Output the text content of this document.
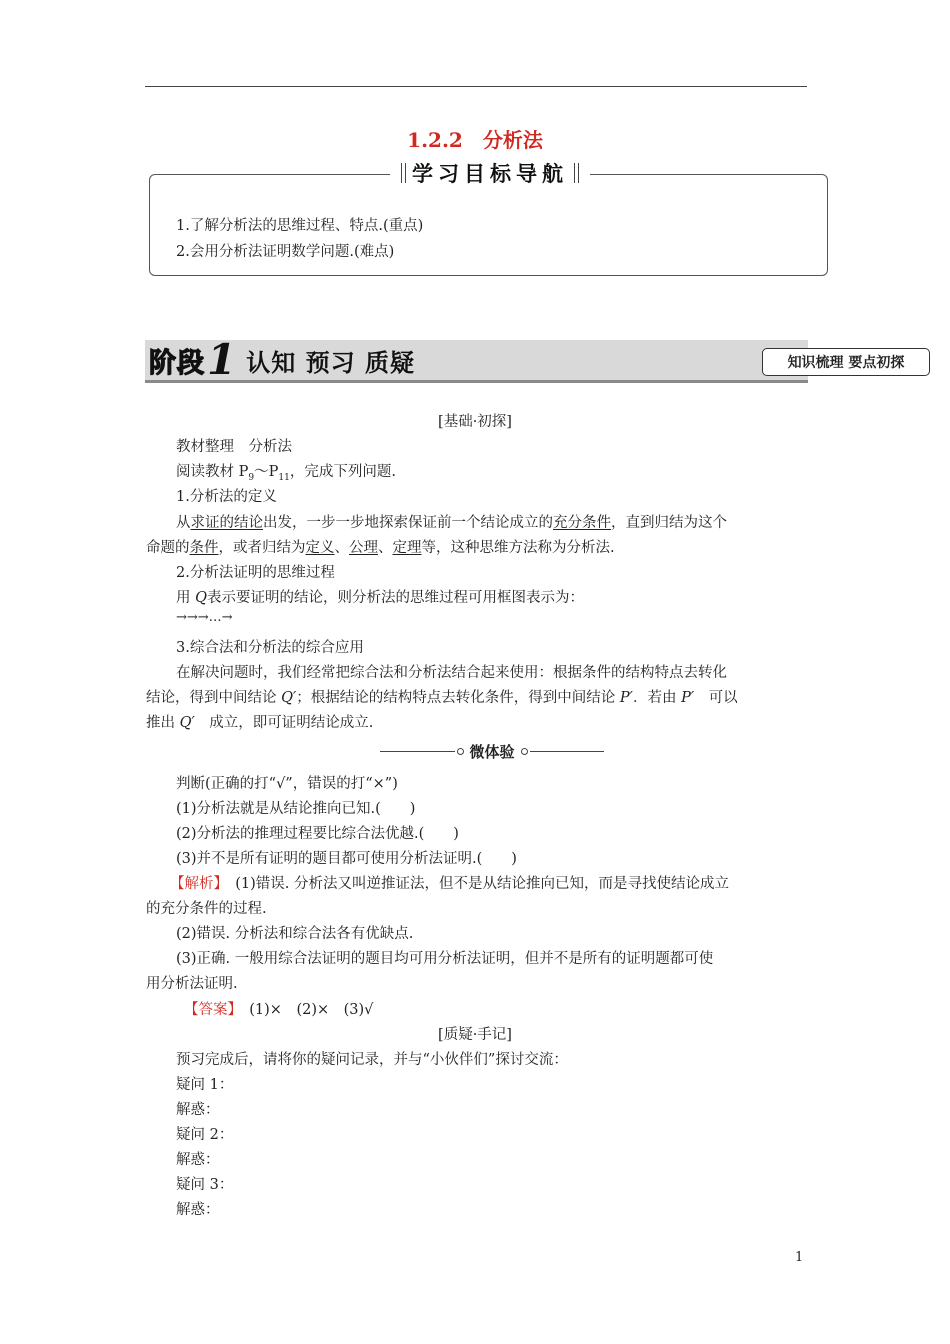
1.2.2　分析法
学习目标导航
1.了解分析法的思维过程、特点.(重点)
2.会用分析法证明数学问题.(难点)
阶段 1 认知 预习 质疑	知识梳理 要点初探
[基础·初探]
教材整理　分析法
阅读教材 $P_9\sim P_{11}$，完成下列问题.
1.分析法的定义
从求证的结论出发，一步一步地探索保证前一个结论成立的充分条件，直到归结为这个
命题的条件，或者归结为定义、公理、定理等，这种思维方法称为分析法.
2.分析法证明的思维过程
用 Q表示要证明的结论，则分析法的思维过程可用框图表示为：
→→→…→
3.综合法和分析法的综合应用
在解决问题时，我们经常把综合法和分析法结合起来使用：根据条件的结构特点去转化
结论，得到中间结论 Q′；根据结论的结构特点去转化条件，得到中间结论 P′．若由 P′　可以
推出 Q′　成立，即可证明结论成立.
微体验
判断(正确的打“√”，错误的打“×”)
(1)分析法就是从结论推向已知.(　　)
(2)分析法的推理过程要比综合法优越.(　　)
(3)并不是所有证明的题目都可使用分析法证明.(　　)
【解析】　(1)错误. 分析法又叫逆推证法，但不是从结论推向已知，而是寻找使结论成立
的充分条件的过程.
(2)错误. 分析法和综合法各有优缺点.
(3)正确. 一般用综合法证明的题目均可用分析法证明，但并不是所有的证明题都可使
用分析法证明.
【答案】　(1)×　(2)×　(3)√
[质疑·手记]
预习完成后，请将你的疑问记录，并与“小伙伴们”探讨交流：
疑问 1：
解惑：
疑问 2：
解惑：
疑问 3：
解惑：
1
